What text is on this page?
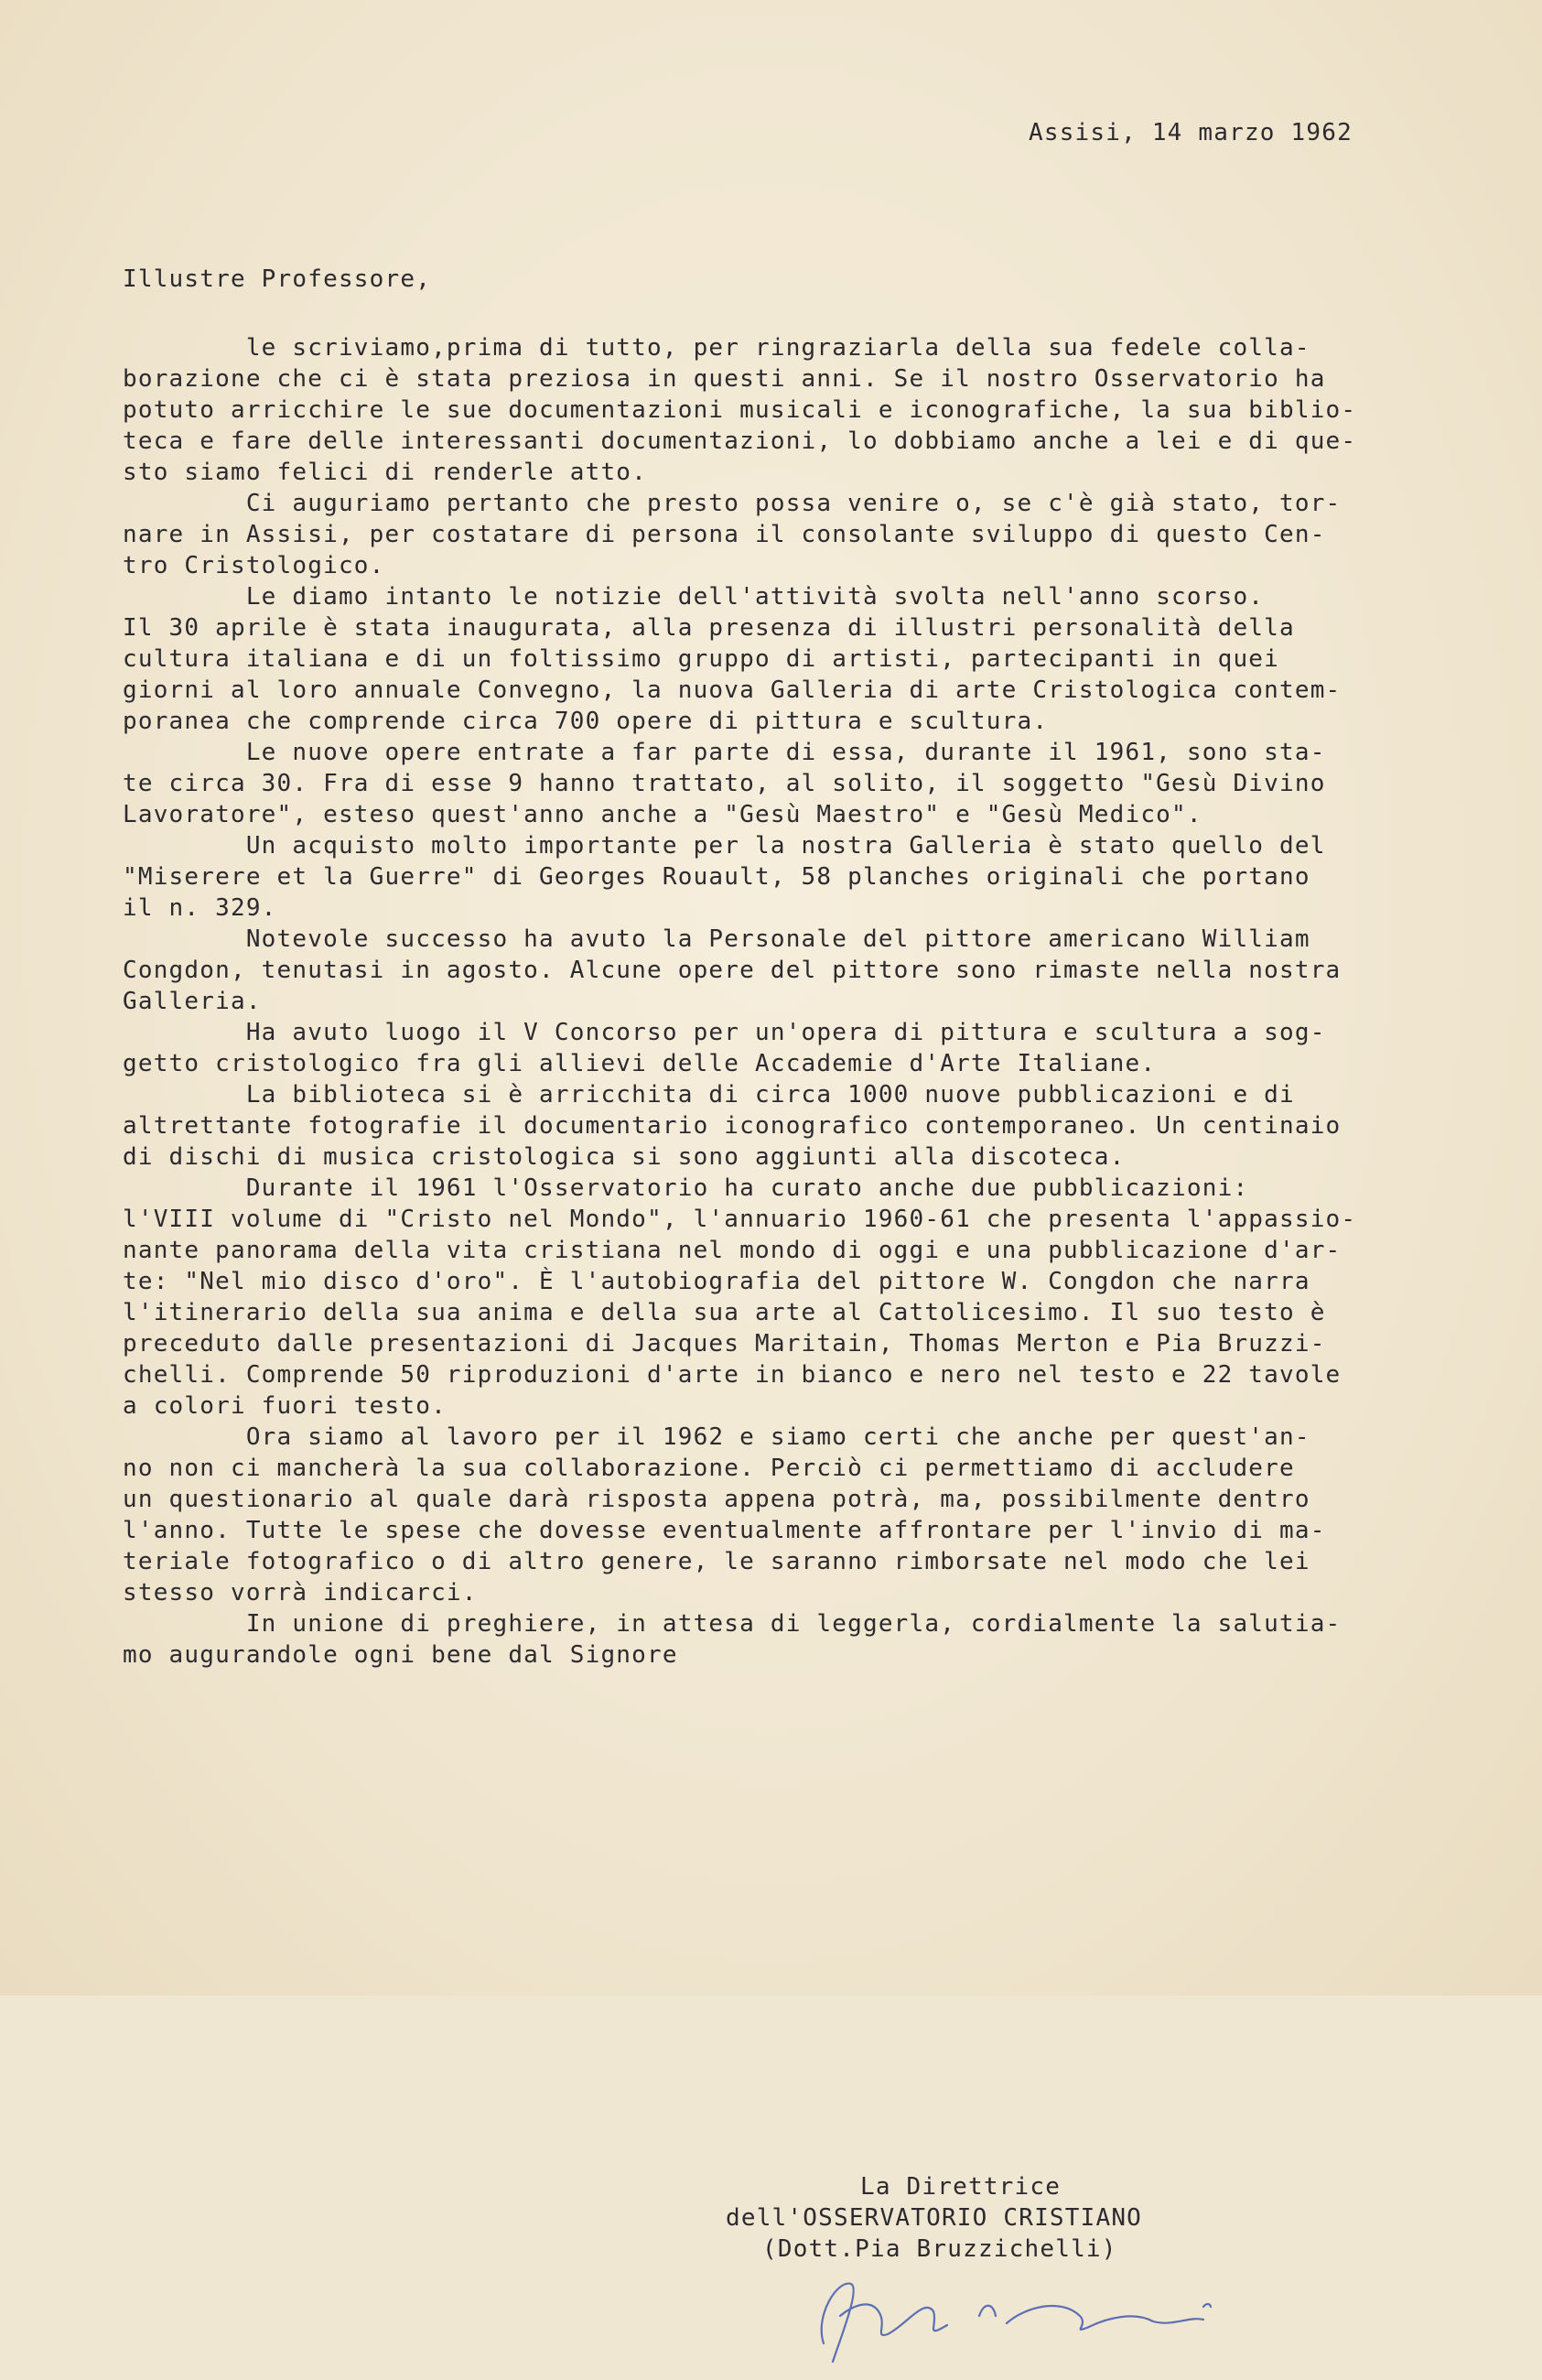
Assisi, 14 marzo 1962
Illustre Professore,
le scriviamo,prima di tutto, per ringraziarla della sua fedele colla-
borazione che ci è stata preziosa in questi anni. Se il nostro Osservatorio ha
potuto arricchire le sue documentazioni musicali e iconografiche, la sua biblio-
teca e fare delle interessanti documentazioni, lo dobbiamo anche a lei e di que-
sto siamo felici di renderle atto.
Ci auguriamo pertanto che presto possa venire o, se c'è già stato, tor-
nare in Assisi, per costatare di persona il consolante sviluppo di questo Cen-
tro Cristologico.
Le diamo intanto le notizie dell'attività svolta nell'anno scorso.
Il 30 aprile è stata inaugurata, alla presenza di illustri personalità della
cultura italiana e di un foltissimo gruppo di artisti, partecipanti in quei
giorni al loro annuale Convegno, la nuova Galleria di arte Cristologica contem-
poranea che comprende circa 700 opere di pittura e scultura.
Le nuove opere entrate a far parte di essa, durante il 1961, sono sta-
te circa 30. Fra di esse 9 hanno trattato, al solito, il soggetto "Gesù Divino
Lavoratore", esteso quest'anno anche a "Gesù Maestro" e "Gesù Medico".
Un acquisto molto importante per la nostra Galleria è stato quello del
"Miserere et la Guerre" di Georges Rouault, 58 planches originali che portano
il n. 329.
Notevole successo ha avuto la Personale del pittore americano William
Congdon, tenutasi in agosto. Alcune opere del pittore sono rimaste nella nostra
Galleria.
Ha avuto luogo il V Concorso per un'opera di pittura e scultura a sog-
getto cristologico fra gli allievi delle Accademie d'Arte Italiane.
La biblioteca si è arricchita di circa 1000 nuove pubblicazioni e di
altrettante fotografie il documentario iconografico contemporaneo. Un centinaio
di dischi di musica cristologica si sono aggiunti alla discoteca.
Durante il 1961 l'Osservatorio ha curato anche due pubblicazioni:
l'VIII volume di "Cristo nel Mondo", l'annuario 1960-61 che presenta l'appassio-
nante panorama della vita cristiana nel mondo di oggi e una pubblicazione d'ar-
te: "Nel mio disco d'oro". È l'autobiografia del pittore W. Congdon che narra
l'itinerario della sua anima e della sua arte al Cattolicesimo. Il suo testo è
preceduto dalle presentazioni di Jacques Maritain, Thomas Merton e Pia Bruzzi-
chelli. Comprende 50 riproduzioni d'arte in bianco e nero nel testo e 22 tavole
a colori fuori testo.
Ora siamo al lavoro per il 1962 e siamo certi che anche per quest'an-
no non ci mancherà la sua collaborazione. Perciò ci permettiamo di accludere
un questionario al quale darà risposta appena potrà, ma, possibilmente dentro
l'anno. Tutte le spese che dovesse eventualmente affrontare per l'invio di ma-
teriale fotografico o di altro genere, le saranno rimborsate nel modo che lei
stesso vorrà indicarci.
In unione di preghiere, in attesa di leggerla, cordialmente la salutia-
mo augurandole ogni bene dal Signore
La Direttrice
dell'OSSERVATORIO CRISTIANO
(Dott.Pia Bruzzichelli)
